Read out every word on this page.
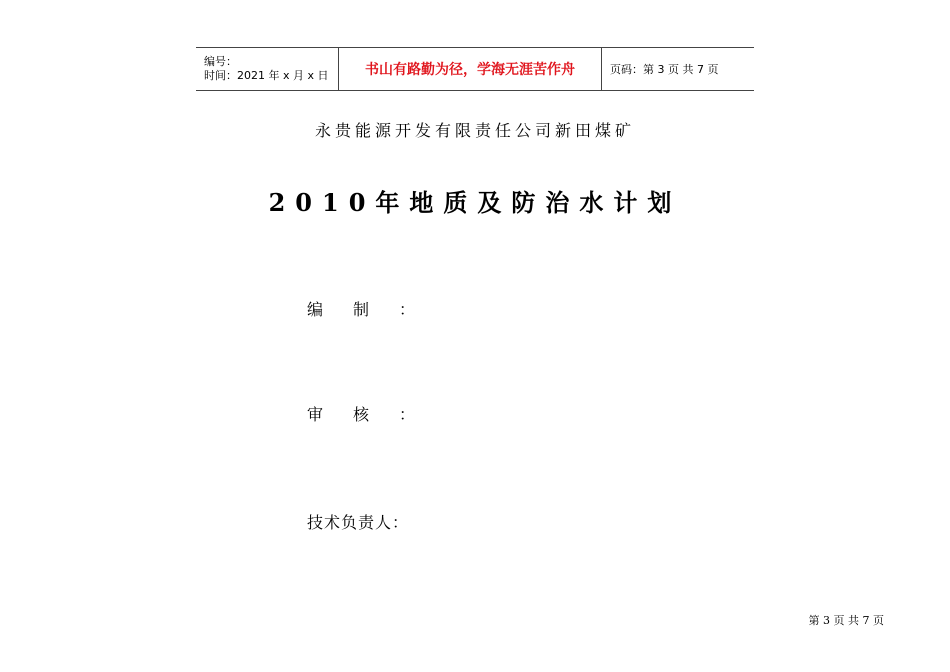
编号：
时间：2021 年 x 月 x 日	书山有路勤为径，学海无涯苦作舟	页码：第 3 页 共 7 页
永贵能源开发有限责任公司新田煤矿
2010年地质及防治水计划
编制：
审核：
技术负责人：
第 3 页 共 7 页
